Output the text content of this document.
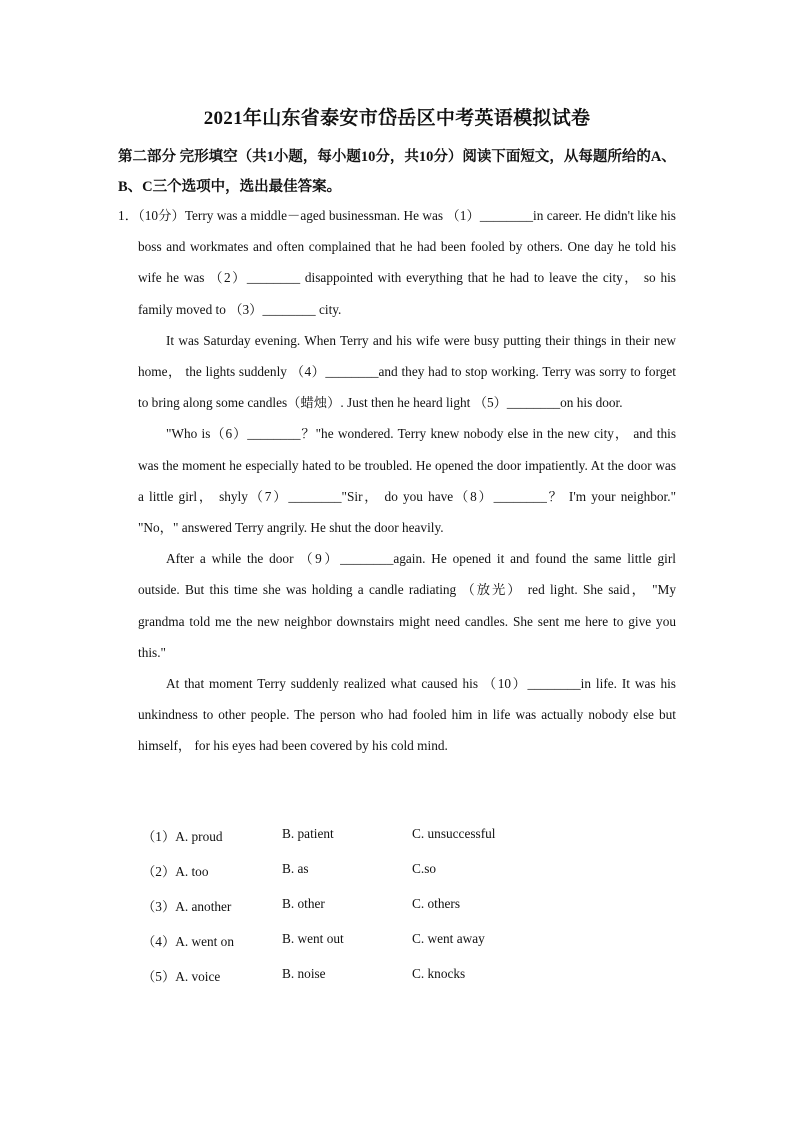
2021年山东省泰安市岱岳区中考英语模拟试卷
第二部分 完形填空（共1小题，每小题10分，共10分）阅读下面短文，从每题所给的A、B、C三个选项中，选出最佳答案。

1．（10分）Terry was a middle－aged businessman. He was （1）________in career. He didn't like his boss and workmates and often complained that he had been fooled by others. One day he told his wife he was （2）________ disappointed with everything that he had to leave the city， so his family moved to （3）________ city.

It was Saturday evening. When Terry and his wife were busy putting their things in their new home， the lights suddenly （4）________and they had to stop working. Terry was sorry to forget to bring along some candles（蜡烛）. Just then he heard light （5）________on his door.

"Who is（6）________？"he wondered. Terry knew nobody else in the new city， and this was the moment he especially hated to be troubled. He opened the door impatiently. At the door was a little girl， shyly（7）________"Sir， do you have（8）________？ I'm your neighbor." "No，" answered Terry angrily. He shut the door heavily.

After a while the door （9）________again. He opened it and found the same little girl outside. But this time she was holding a candle radiating （放光） red light. She said， "My grandma told me the new neighbor downstairs might need candles. She sent me here to give you this."

At that moment Terry suddenly realized what caused his （10）________in life. It was his unkindness to other people. The person who had fooled him in life was actually nobody else but himself， for his eyes had been covered by his cold mind.

（1）A. proud	B. patient	C. unsuccessful
（2）A. too	B. as	C.so
（3）A. another	B. other	C. others
（4）A. went on	B. went out	C. went away
（5）A. voice	B. noise	C. knocks
